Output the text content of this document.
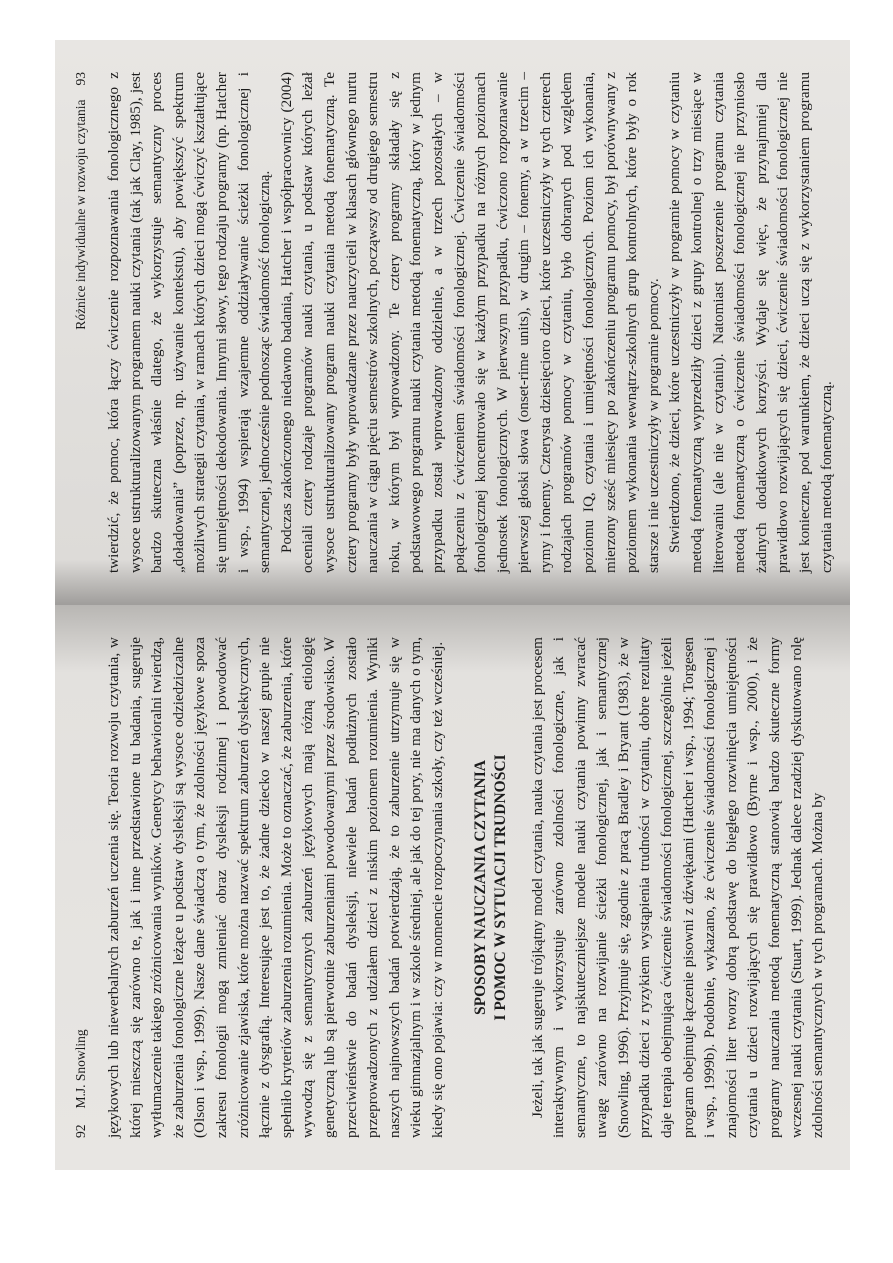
92
M.J. Snowling językowych lub niewerbalnych zaburzeń uczenia się. Teoria rozwoju czytania, w której mieszczą się zarówno te, jak i inne przedstawione tu badania, sugeruje wytłumaczenie takiego zróżnicowania wyników. Genetycy behawioralni twierdzą, że zaburzenia fonologiczne leżące u podstaw dysleksji są wysoce odziedziczalne (Olson i wsp., 1999). Nasze dane świadczą o tym, że zdolności językowe spoza zakresu fonologii mogą zmieniać obraz dysleksji rodzinnej i powodować zróżnicowanie zjawiska, które można nazwać spektrum zaburzeń dyslektycznych, łącznie z dysgrafią. Interesujące jest to, że żadne dziecko w naszej grupie nie spełniło kryteriów zaburzenia rozumienia. Może to oznaczać, że zaburzenia, które wywodzą się z semantycznych zaburzeń językowych mają różną etiologię genetyczną lub są pierwotnie zaburzeniami powodowanymi przez środowisko. W przeciwieństwie do badań dysleksji, niewiele badań podłużnych zostało przeprowadzonych z udziałem dzieci z niskim poziomem rozumienia. Wyniki naszych najnowszych badań potwierdzają, że to zaburzenie utrzymuje się w wieku gimnazjalnym i w szkole średniej, ale jak do tej pory, nie ma danych o tym, kiedy się ono pojawia: czy w momencie rozpoczynania szkoły, czy też wcześniej. SPOSOBY NAUCZANIA CZYTANIA I POMOC W SYTUACJI TRUDNOŚCI Jeżeli, tak jak sugeruje trójkątny model czytania, nauka czytania jest procesem interaktywnym i wykorzystuje zarówno zdolności fonologiczne, jak i semantyczne, to najskuteczniejsze modele nauki czytania powinny zwracać uwagę zarówno na rozwijanie ścieżki fonologicznej, jak i semantycznej (Snowling, 1996). Przyjmuje się, zgodnie z pracą Bradley i Bryant (1983), że w przypadku dzieci z ryzykiem wystąpienia trudności w czytaniu, dobre rezultaty daje terapia obejmująca ćwiczenie świadomości fonologicznej, szczególnie jeżeli program obejmuje łączenie pisowni z dźwiękami (Hatcher i wsp., 1994; Torgesen i wsp., 1999b). Podobnie, wykazano, że ćwiczenie świadomości fonologicznej i znajomości liter tworzy dobrą podstawę do biegłego rozwinięcia umiejętności czytania u dzieci rozwijających się prawidłowo (Byrne i wsp., 2000), i że programy nauczania metodą fonematyczną stanowią bardzo skuteczne formy wczesnej nauki czytania (Stuart, 1999). Jednak dalece rzadziej dyskutowano rolę zdolności semantycznych w tych programach. Można by

Różnice indywidualne w rozwoju czytania
93 twierdzić, że pomoc, która łączy ćwiczenie rozpoznawania fonologicznego z wysoce ustrukturalizowanym programem nauki czytania (tak jak Clay, 1985), jest bardzo skuteczna właśnie dlatego, że wykorzystuje semantyczny proces „doładowania” (poprzez, np. używanie kontekstu), aby powiększyć spektrum możliwych strategii czytania, w ramach których dzieci mogą ćwiczyć kształtujące się umiejętności dekodowania. Innymi słowy, tego rodzaju programy (np. Hatcher i wsp., 1994) wspierają wzajemne oddziaływanie ścieżki fonologicznej i semantycznej, jednocześnie podnosząc świadomość fonologiczną. Podczas zakończonego niedawno badania, Hatcher i współpracownicy (2004) oceniali cztery rodzaje programów nauki czytania, u podstaw których leżał wysoce ustrukturalizowany program nauki czytania metodą fonematyczną. Te cztery programy były wprowadzane przez nauczycieli w klasach głównego nurtu nauczania w ciągu pięciu semestrów szkolnych, począwszy od drugiego semestru roku, w którym był wprowadzony. Te cztery programy składały się z podstawowego programu nauki czytania metodą fonematyczną, który w jednym przypadku został wprowadzony oddzielnie, a w trzech pozostałych – w połączeniu z ćwiczeniem świadomości fonologicznej. Ćwiczenie świadomości fonologicznej koncentrowało się w każdym przypadku na różnych poziomach jednostek fonologicznych. W pierwszym przypadku, ćwiczono rozpoznawanie pierwszej głoski słowa (onset-rime units), w drugim – fonemy, a w trzecim – rymy i fonemy. Czterysta dziesięcioro dzieci, które uczestniczyły w tych czterech rodzajach programów pomocy w czytaniu, było dobranych pod względem poziomu IQ, czytania i umiejętności fonologicznych. Poziom ich wykonania, mierzony sześć miesięcy po zakończeniu programu pomocy, był porównywany z poziomem wykonania wewnątrz-szkolnych grup kontrolnych, które były o rok starsze i nie uczestniczyły w programie pomocy. Stwierdzono, że dzieci, które uczestniczyły w programie pomocy w czytaniu metodą fonematyczną wyprzedziły dzieci z grupy kontrolnej o trzy miesiące w literowaniu (ale nie w czytaniu). Natomiast poszerzenie programu czytania metodą fonematyczną o ćwiczenie świadomości fonologicznej nie przyniosło żadnych dodatkowych korzyści. Wydaje się więc, że przynajmniej dla prawidłowo rozwijających się dzieci, ćwiczenie świadomości fonologicznej nie jest konieczne, pod warunkiem, że dzieci uczą się z wykorzystaniem programu czytania metodą fonematyczną.
